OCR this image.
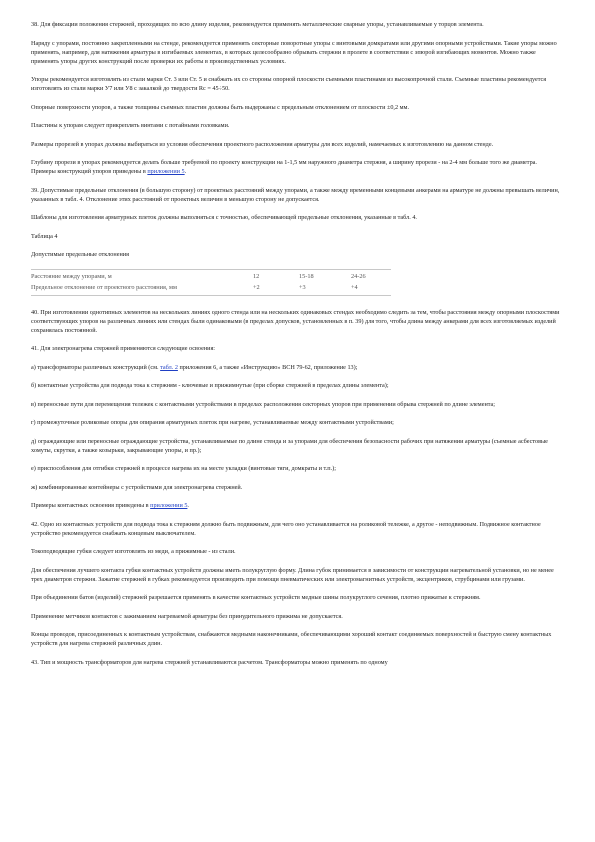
38. Для фиксации положения стержней, проходящих по всю длину изделия, рекомендуется применять металлические сварные упоры, устанавливаемые у торцов элемента.

Наряду с упорами, постоянно закрепленными на стенде, рекомендуется применять секторные поворотные упоры с винтовыми домкратами или другими опорными устройствами. Такие упоры можно применять, например, для натяжения арматуры в изгибаемых элементах, в которых целесообразно обрывать стержни в пролете в соответствии с эпюрой изгибающих моментов. Можно также применять упоры других конструкций после проверки их работы в производственных условиях.

Упоры рекомендуется изготовлять из стали марки Ст. 3 или Ст. 5 и снабжать их со стороны опорной плоскости съемными пластинами из высокопрочной стали. Съемные пластины рекомендуется изготовлять из стали марки У7 или У8 с закалкой до твердости Rc = 45÷50.

Опорные поверхности упоров, а также толщины съемных пластин должны быть выдержаны с предельным отклонением от плоскости ±0,2 мм.

Пластины к упорам следует прикреплять винтами с потайными головками.

Размеры прорезей в упорах должны выбираться из условия обеспечения проектного расположения арматуры для всех изделий, намечаемых к изготовлению на данном стенде.

Глубину прорези в упорах рекомендуется делать больше требуемой по проекту конструкции на 1-1,5 мм наружного диаметра стержня, а ширину прорези - на 2-4 мм больше того же диаметра. Примеры конструкций упоров приведены в приложении 5.

39. Допустимые предельные отклонения (в большую сторону) от проектных расстояний между упорами, а также между временными концевыми анкерами на арматуре не должны превышать величин, указанных в табл. 4. Отклонение этих расстояний от проектных величин в меньшую сторону не допускается.

Шаблоны для изготовления арматурных плеток должны выполняться с точностью, обеспечивающей предельные отклонения, указанные в табл. 4.

Таблица 4

Допустимые предельные отклонения

Расстояние между упорами, м	12	15-18	24-26
Предельное отклонение от проектного расстояния, мм	+2	+3	+4

40. При изготовлении однотипных элементов на нескольких линиях одного стенда или на нескольких одинаковых стендах необходимо следить за тем, чтобы расстояния между опорными плоскостями соответствующих упоров на различных линиях или стендах были одинаковыми (в пределах допусков, установленных в п. 39) для того, чтобы длина между анкерами для всех изготовляемых изделий сохранялась постоянной.

41. Для электронагрева стержней применяются следующие освоения:

а) трансформаторы различных конструкций (см. табл. 2 приложения 6, а также «Инструкцию» ВСН 79-62, приложение 13);

б) контактные устройства для подвода тока к стержням - ключевые и прижимнутые (при сборке стержней в пределах длины элемента);

в) переносные пути для перемещения тележек с контактными устройствами в пределах расположения секторных упоров при применении обрыва стержней по длине элемента;

г) промежуточные роликовые опоры для опирания арматурных плеток при нагреве, устанавливаемые между контактными устройствами;

д) ограждающие или переносные ограждающие устройства, устанавливаемые по длине стенда и за упорами для обеспечения безопасности рабочих при натяжении арматуры (съемные асбестовые хомуты, скрутки, а также козырьки, закрывающие упоры, и пр.);

е) приспособления для отгибки стержней в процессе нагрева их на месте укладки (винтовые тяги, домкраты и т.п.);

ж) комбинированные контейнеры с устройствами для электронагрева стержней.

Примеры контактных освоения приведены в приложении 5.

42. Одно из контактных устройств для подвода тока к стержням должно быть подвижным, для чего оно устанавливается на роликовой тележке, а другое - неподвижным. Подвижное контактное устройство рекомендуется снабжать концевым выключателем.

Токоподводящие губки следует изготовлять из меди, а прижимные - из стали.

Для обеспечения лучшего контакта губки контактных устройств должны иметь полукруглую форму. Длина губок принимается в зависимости от конструкции нагревательной установки, но не менее трех диаметров стержня. Зажатие стержней в губках рекомендуется производить при помощи пневматических или электромагнитных устройств, эксцентриков, струбцинами или грузами.

При объединении батов (изделий) стержней разрешается применять в качестве контактных устройств медные шины полукруглого сечения, плотно прижатые к стержням.

Применение метчиков контактов с зажиманием нагреваемой арматуры без принудительного прижима не допускается.

Концы проводов, присоединенных к контактным устройствам, снабжаются медными наконечниками, обеспечивающими хороший контакт соединяемых поверхностей и быструю смену контактных устройств для нагрева стержней различных длин.

43. Тип и мощность трансформаторов для нагрева стержней устанавливаются расчетом. Трансформаторы можно применять по одному
